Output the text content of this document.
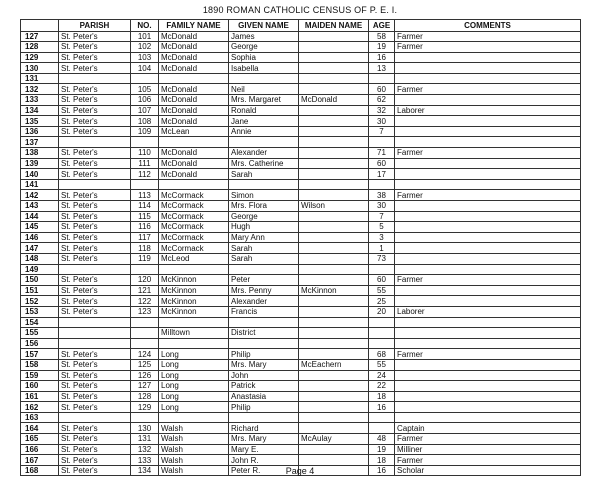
1890 ROMAN CATHOLIC CENSUS OF P. E. I.
	PARISH	NO.	FAMILY NAME	GIVEN NAME	MAIDEN NAME	AGE	COMMENTS
127	St. Peter's	101	McDonald	James		58	Farmer
128	St. Peter's	102	McDonald	George		19	Farmer
129	St. Peter's	103	McDonald	Sophia		16	
130	St. Peter's	104	McDonald	Isabella		13	
131							
132	St. Peter's	105	McDonald	Neil		60	Farmer
133	St. Peter's	106	McDonald	Mrs. Margaret	McDonald	62	
134	St. Peter's	107	McDonald	Ronald		32	Laborer
135	St. Peter's	108	McDonald	Jane		30	
136	St. Peter's	109	McLean	Annie		7	
137							
138	St. Peter's	110	McDonald	Alexander		71	Farmer
139	St. Peter's	111	McDonald	Mrs. Catherine		60	
140	St. Peter's	112	McDonald	Sarah		17	
141							
142	St. Peter's	113	McCormack	Simon		38	Farmer
143	St. Peter's	114	McCormack	Mrs. Flora	Wilson	30	
144	St. Peter's	115	McCormack	George		7	
145	St. Peter's	116	McCormack	Hugh		5	
146	St. Peter's	117	McCormack	Mary Ann		3	
147	St. Peter's	118	McCormack	Sarah		1	
148	St. Peter's	119	McLeod	Sarah		73	
149							
150	St. Peter's	120	McKinnon	Peter		60	Farmer
151	St. Peter's	121	McKinnon	Mrs. Penny	McKinnon	55	
152	St. Peter's	122	McKinnon	Alexander		25	
153	St. Peter's	123	McKinnon	Francis		20	Laborer
154							
155			Milltown	District			
156							
157	St. Peter's	124	Long	Philip		68	Farmer
158	St. Peter's	125	Long	Mrs. Mary	McEachern	55	
159	St. Peter's	126	Long	John		24	
160	St. Peter's	127	Long	Patrick		22	
161	St. Peter's	128	Long	Anastasia		18	
162	St. Peter's	129	Long	Philip		16	
163							
164	St. Peter's	130	Walsh	Richard			Captain
165	St. Peter's	131	Walsh	Mrs. Mary	McAulay	48	Farmer
166	St. Peter's	132	Walsh	Mary E.		19	Milliner
167	St. Peter's	133	Walsh	John R.		18	Farmer
168	St. Peter's	134	Walsh	Peter R.		16	Scholar
Page 4
